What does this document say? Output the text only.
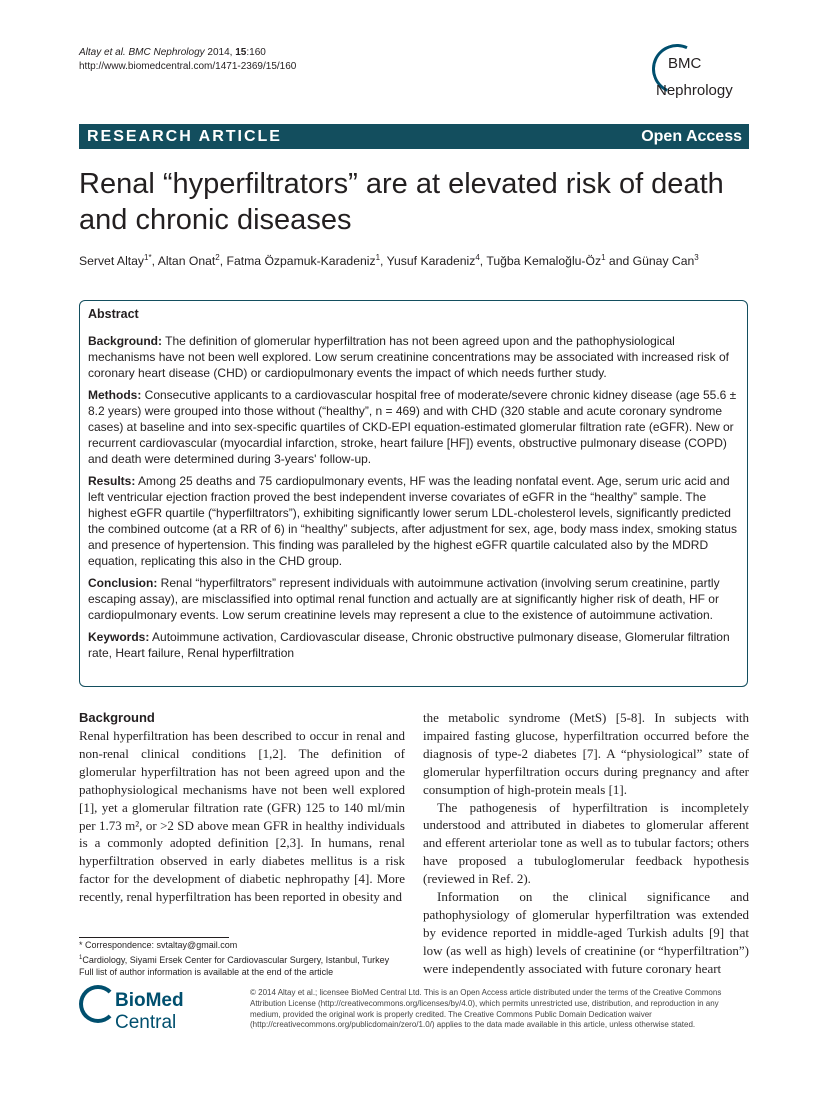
Altay et al. BMC Nephrology 2014, 15:160
http://www.biomedcentral.com/1471-2369/15/160	BMC
Nephrology
RESEARCH ARTICLE	Open Access
Renal “hyperfiltrators” are at elevated risk of death and chronic diseases
Servet Altay$^{1*}$, Altan Onat$^2$, Fatma Özpamuk-Karadeniz$^1$, Yusuf Karadeniz$^4$, Tuğba Kemaloğlu-$Öz^1$ and Günay Can$^3$
Abstract

Background: The definition of glomerular hyperfiltration has not been agreed upon and the pathophysiological mechanisms have not been well explored. Low serum creatinine concentrations may be associated with increased risk of coronary heart disease (CHD) or cardiopulmonary events the impact of which needs further study.

Methods: Consecutive applicants to a cardiovascular hospital free of moderate/severe chronic kidney disease (age 55.6 ± 8.2 years) were grouped into those without (“healthy”, n = 469) and with CHD (320 stable and acute coronary syndrome cases) at baseline and into sex-specific quartiles of CKD-EPI equation-estimated glomerular filtration rate (eGFR). New or recurrent cardiovascular (myocardial infarction, stroke, heart failure [HF]) events, obstructive pulmonary disease (COPD) and death were determined during 3-years' follow-up.

Results: Among 25 deaths and 75 cardiopulmonary events, HF was the leading nonfatal event. Age, serum uric acid and left ventricular ejection fraction proved the best independent inverse covariates of eGFR in the “healthy” sample. The highest eGFR quartile (“hyperfiltrators”), exhibiting significantly lower serum LDL-cholesterol levels, significantly predicted the combined outcome (at a RR of 6) in “healthy” subjects, after adjustment for sex, age, body mass index, smoking status and presence of hypertension. This finding was paralleled by the highest eGFR quartile calculated also by the MDRD equation, replicating this also in the CHD group.

Conclusion: Renal “hyperfiltrators” represent individuals with autoimmune activation (involving serum creatinine, partly escaping assay), are misclassified into optimal renal function and actually are at significantly higher risk of death, HF or cardiopulmonary events. Low serum creatinine levels may represent a clue to the existence of autoimmune activation.

Keywords: Autoimmune activation, Cardiovascular disease, Chronic obstructive pulmonary disease, Glomerular filtration rate, Heart failure, Renal hyperfiltration

Background

Renal hyperfiltration has been described to occur in renal and non-renal clinical conditions [1,2]. The definition of glomerular hyperfiltration has not been agreed upon and the pathophysiological mechanisms have not been well explored [1], yet a glomerular filtration rate (GFR) 125 to 140 ml/min per 1.73 m², or >2 SD above mean GFR in healthy individuals is a commonly adopted definition [2,3]. In humans, renal hyperfiltration observed in early diabetes mellitus is a risk factor for the development of diabetic nephropathy [4]. More recently, renal hyperfiltration has been reported in obesity and

the metabolic syndrome (MetS) [5-8]. In subjects with impaired fasting glucose, hyperfiltration occurred before the diagnosis of type-2 diabetes [7]. A “physiological” state of glomerular hyperfiltration occurs during pregnancy and after consumption of high-protein meals [1].

The pathogenesis of hyperfiltration is incompletely understood and attributed in diabetes to glomerular afferent and efferent arteriolar tone as well as to tubular factors; others have proposed a tubuloglomerular feedback hypothesis (reviewed in Ref. 2).

Information on the clinical significance and pathophysiology of glomerular hyperfiltration was extended by evidence reported in middle-aged Turkish adults [9] that low (as well as high) levels of creatinine (or “hyperfiltration”) were independently associated with future coronary heart

* Correspondence: svtaltay@gmail.com
$^1$Cardiology, Siyami Ersek Center for Cardiovascular Surgery, Istanbul, Turkey
Full list of author information is available at the end of the article
BioMed Central
© 2014 Altay et al.; licensee BioMed Central Ltd. This is an Open Access article distributed under the terms of the Creative Commons Attribution License (http://creativecommons.org/licenses/by/4.0), which permits unrestricted use, distribution, and reproduction in any medium, provided the original work is properly credited. The Creative Commons Public Domain Dedication waiver (http://creativecommons.org/publicdomain/zero/1.0/) applies to the data made available in this article, unless otherwise stated.
